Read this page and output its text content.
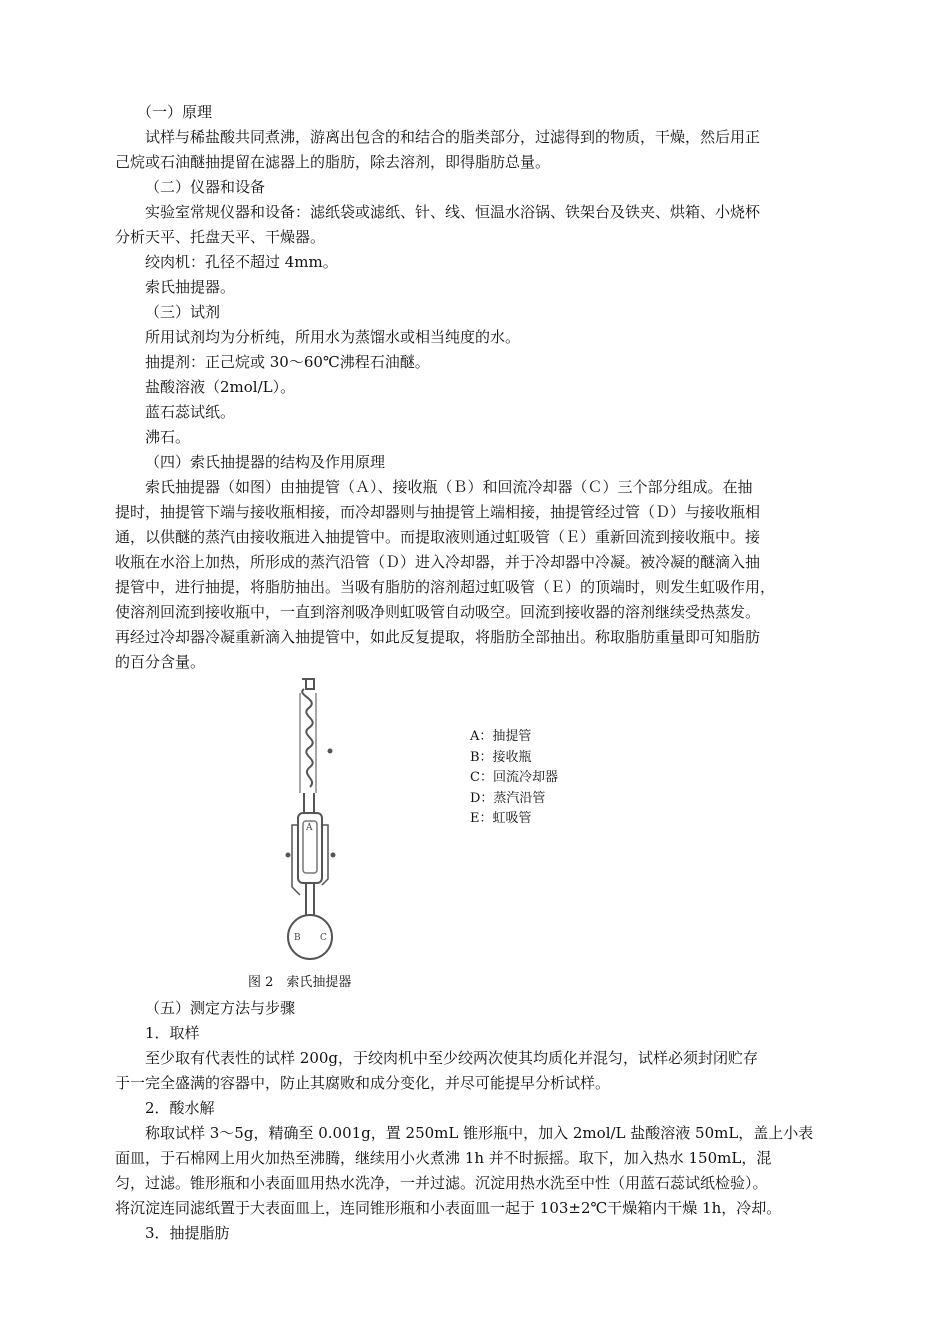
（一）原理
试样与稀盐酸共同煮沸，游离出包含的和结合的脂类部分，过滤得到的物质，干燥，然后用正
己烷或石油醚抽提留在滤器上的脂肪，除去溶剂，即得脂肪总量。
（二）仪器和设备
实验室常规仪器和设备：滤纸袋或滤纸、针、线、恒温水浴锅、铁架台及铁夹、烘箱、小烧杯
分析天平、托盘天平、干燥器。
绞肉机：孔径不超过 4mm。
索氏抽提器。
（三）试剂
所用试剂均为分析纯，所用水为蒸馏水或相当纯度的水。
抽提剂：正己烷或 30～60℃沸程石油醚。
盐酸溶液（2mol/L）。
蓝石蕊试纸。
沸石。
（四）索氏抽提器的结构及作用原理
索氏抽提器（如图）由抽提管（Ａ）、接收瓶（Ｂ）和回流冷却器（Ｃ）三个部分组成。在抽
提时，抽提管下端与接收瓶相接，而冷却器则与抽提管上端相接，抽提管经过管（Ｄ）与接收瓶相
通，以供醚的蒸汽由接收瓶进入抽提管中。而提取液则通过虹吸管（Ｅ）重新回流到接收瓶中。接
收瓶在水浴上加热，所形成的蒸汽沿管（Ｄ）进入冷却器，并于冷却器中冷凝。被冷凝的醚滴入抽
提管中，进行抽提，将脂肪抽出。当吸有脂肪的溶剂超过虹吸管（Ｅ）的顶端时，则发生虹吸作用，
使溶剂回流到接收瓶中，一直到溶剂吸净则虹吸管自动吸空。回流到接收器的溶剂继续受热蒸发。
再经过冷却器冷凝重新滴入抽提管中，如此反复提取，将脂肪全部抽出。称取脂肪重量即可知脂肪
的百分含量。
A
B C
A：抽提管
B：接收瓶
C：回流冷却器
D：蒸汽沿管
E：虹吸管
图 2　索氏抽提器
（五）测定方法与步骤
1．取样
至少取有代表性的试样 200g，于绞肉机中至少绞两次使其均质化并混匀，试样必须封闭贮存
于一完全盛满的容器中，防止其腐败和成分变化，并尽可能提早分析试样。
2．酸水解
称取试样 3～5g，精确至 0.001g，置 250mL 锥形瓶中，加入 2mol/L 盐酸溶液 50mL，盖上小表
面皿，于石棉网上用火加热至沸腾，继续用小火煮沸 1h 并不时振摇。取下，加入热水 150mL，混
匀，过滤。锥形瓶和小表面皿用热水洗净，一并过滤。沉淀用热水洗至中性（用蓝石蕊试纸检验）。
将沉淀连同滤纸置于大表面皿上，连同锥形瓶和小表面皿一起于 103±2℃干燥箱内干燥 1h，冷却。
3．抽提脂肪
